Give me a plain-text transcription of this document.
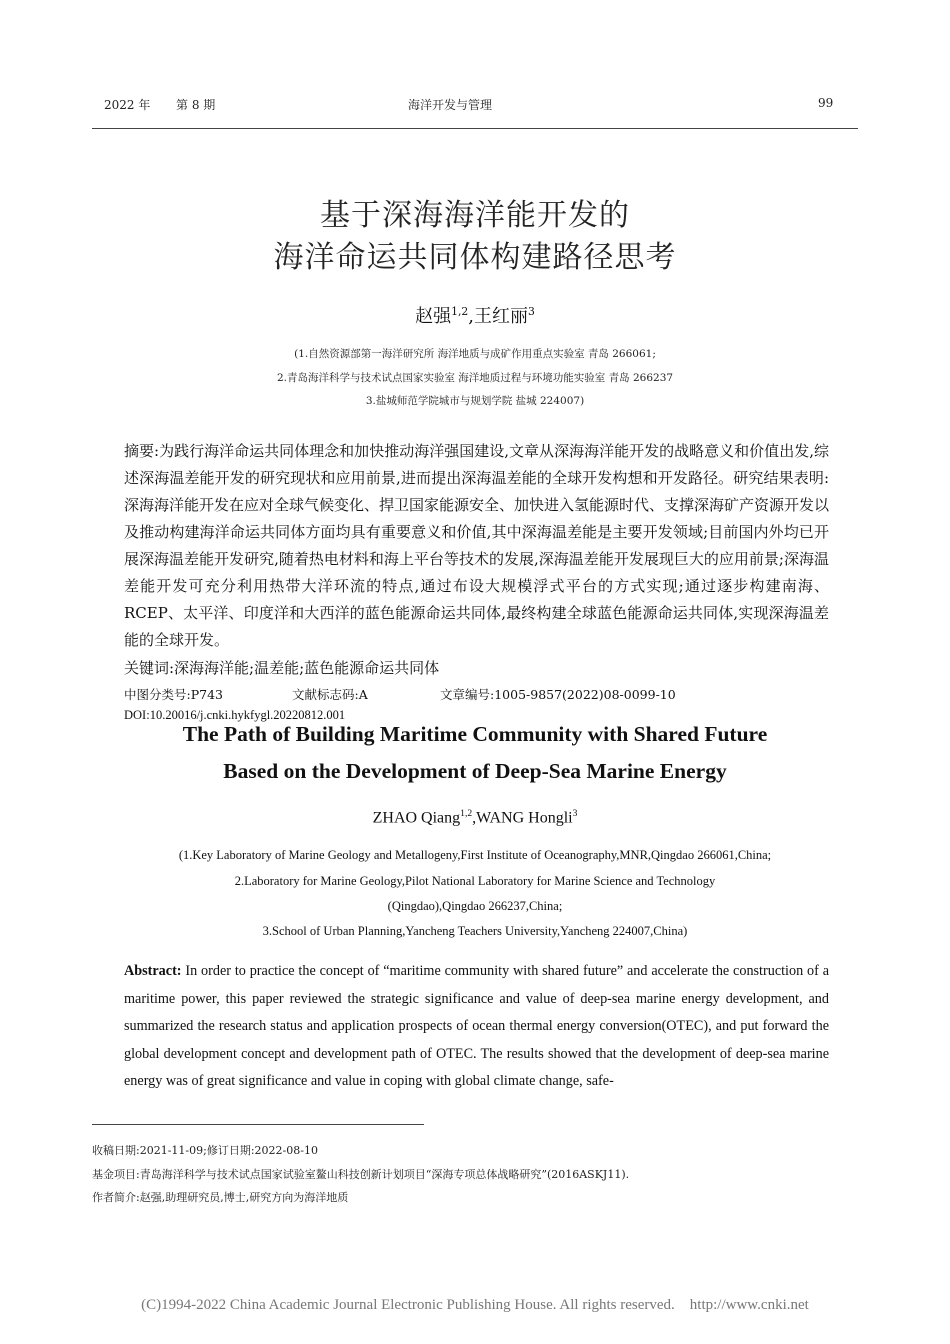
2022 年 第 8 期	海洋开发与管理	99
基于深海海洋能开发的
海洋命运共同体构建路径思考
赵强$^{1,2}$,王红丽$^3$
(1.自然资源部第一海洋研究所 海洋地质与成矿作用重点实验室 青岛 266061;
2.青岛海洋科学与技术试点国家实验室 海洋地质过程与环境功能实验室 青岛 266237
3.盐城师范学院城市与规划学院 盐城 224007)
摘要:为践行海洋命运共同体理念和加快推动海洋强国建设,文章从深海海洋能开发的战略意义和价值出发,综述深海温差能开发的研究现状和应用前景,进而提出深海温差能的全球开发构想和开发路径。研究结果表明:深海海洋能开发在应对全球气候变化、捍卫国家能源安全、加快进入氢能源时代、支撑深海矿产资源开发以及推动构建海洋命运共同体方面均具有重要意义和价值,其中深海温差能是主要开发领域;目前国内外均已开展深海温差能开发研究,随着热电材料和海上平台等技术的发展,深海温差能开发展现巨大的应用前景;深海温差能开发可充分利用热带大洋环流的特点,通过布设大规模浮式平台的方式实现;通过逐步构建南海、RCEP、太平洋、印度洋和大西洋的蓝色能源命运共同体,最终构建全球蓝色能源命运共同体,实现深海温差能的全球开发。
关键词:深海海洋能;温差能;蓝色能源命运共同体
中图分类号:P743	文献标志码:A	文章编号:1005-9857(2022)08-0099-10
DOI:10.20016/j.cnki.hykfygl.20220812.001
The Path of Building Maritime Community with Shared Future
Based on the Development of Deep-Sea Marine Energy
ZHAO Qiang$^{1,2}$,WANG Hongli$^3$
(1.Key Laboratory of Marine Geology and Metallogeny,First Institute of Oceanography,MNR,Qingdao 266061,China;
2.Laboratory for Marine Geology,Pilot National Laboratory for Marine Science and Technology
(Qingdao),Qingdao 266237,China;
3.School of Urban Planning,Yancheng Teachers University,Yancheng 224007,China)
Abstract: In order to practice the concept of “maritime community with shared future” and accelerate the construction of a maritime power, this paper reviewed the strategic significance and value of deep-sea marine energy development, and summarized the research status and application prospects of ocean thermal energy conversion(OTEC), and put forward the global development concept and development path of OTEC. The results showed that the development of deep-sea marine energy was of great significance and value in coping with global climate change, safe-
收稿日期:2021-11-09;修订日期:2022-08-10
基金项目:青岛海洋科学与技术试点国家试验室鳌山科技创新计划项目“深海专项总体战略研究”(2016ASKJ11).
作者简介:赵强,助理研究员,博士,研究方向为海洋地质
(C)1994-2022 China Academic Journal Electronic Publishing House. All rights reserved.    http://www.cnki.net
